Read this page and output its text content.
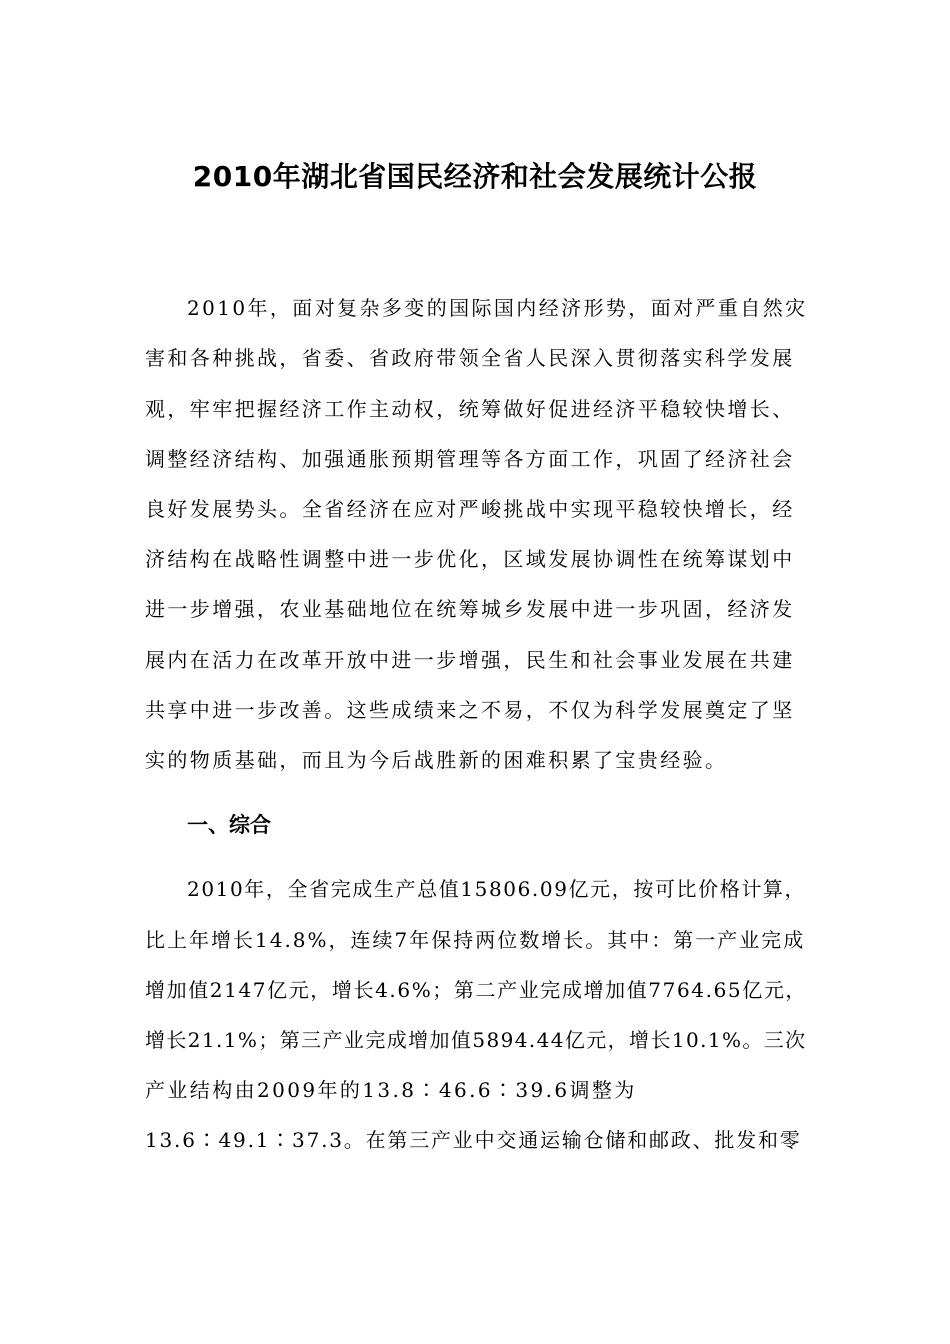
2010年湖北省国民经济和社会发展统计公报
2010年，面对复杂多变的国际国内经济形势，面对严重自然灾
害和各种挑战，省委、省政府带领全省人民深入贯彻落实科学发展
观，牢牢把握经济工作主动权，统筹做好促进经济平稳较快增长、
调整经济结构、加强通胀预期管理等各方面工作，巩固了经济社会
良好发展势头。全省经济在应对严峻挑战中实现平稳较快增长，经
济结构在战略性调整中进一步优化，区域发展协调性在统筹谋划中
进一步增强，农业基础地位在统筹城乡发展中进一步巩固，经济发
展内在活力在改革开放中进一步增强，民生和社会事业发展在共建
共享中进一步改善。这些成绩来之不易，不仅为科学发展奠定了坚
实的物质基础，而且为今后战胜新的困难积累了宝贵经验。
一、综合
2010年，全省完成生产总值15806.09亿元，按可比价格计算，
比上年增长14.8%，连续7年保持两位数增长。其中：第一产业完成
增加值2147亿元，增长4.6%；第二产业完成增加值7764.65亿元，
增长21.1%；第三产业完成增加值5894.44亿元，增长10.1%。三次
产业结构由2009年的13.8∶46.6∶39.6调整为
13.6∶49.1∶37.3。在第三产业中交通运输仓储和邮政、批发和零
